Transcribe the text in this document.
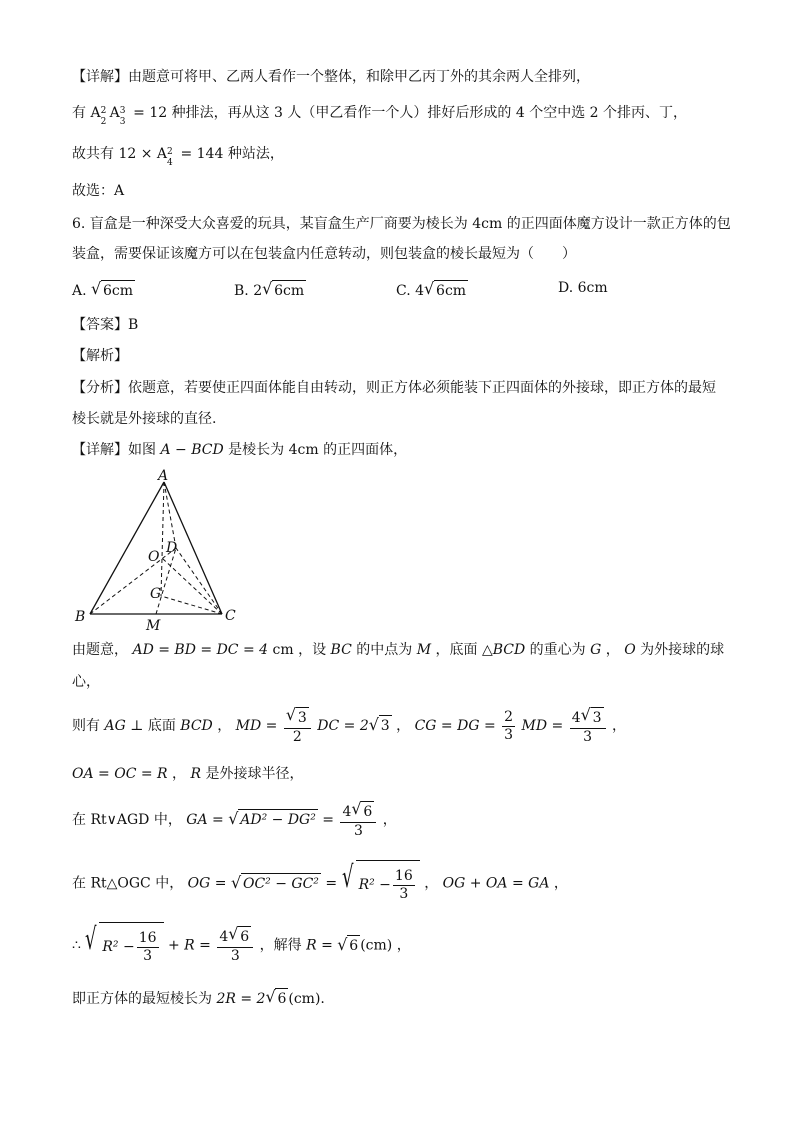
【详解】由题意可将甲、乙两人看作一个整体，和除甲乙丙丁外的其余两人全排列，
有 A 2
2
A 3
3
= 12 种排法，再从这 3 人（甲乙看作一个人）排好后形成的 4 个空中选 2 个排丙、丁，
故共有 12 × A 2
4
= 144 种站法，
故选：A
6. 盲盒是一种深受大众喜爱的玩具，某盲盒生产厂商要为棱长为 4cm 的正四面体魔方设计一款正方体的包
装盒，需要保证该魔方可以在包装盒内任意转动，则包装盒的棱长最短为（　　）
A. √ 6cm	B. 2 √ 6cm	C. 4 √ 6cm	D. 6cm
【答案】B
【解析】
【分析】依题意，若要使正四面体能自由转动，则正方体必须能装下正四面体的外接球，即正方体的最短
棱长就是外接球的直径.
【详解】如图 A − BCD 是棱长为 4cm 的正四面体，
A
B	C
D
O
G
M
由题意， AD = BD = DC = 4 cm ，设 BC 的中点为 M ，底面 △BCD 的重心为 G ， O 为外接球的球
心，
则有 AG ⊥ 底面 BCD ， MD = $\frac{√ 3}{2}$ DC = 2 √ 3 ， CG = DG = $\frac{2}{3}$ MD = $\frac{4 √ 3}{3}$ ，
OA = OC = R ， R 是外接球半径，
在 Rt∨AGD 中， GA = √ $AD^2 - DG^2 = \frac{4 √ 6}{3}$ ，
在 Rt△OGC 中， OG = √ OC² − GC² = √ $R^2 - \frac{16}{3}$ ， OG + OA = GA ，
∴ √ $R^2 - \frac{16}{3} + R = \frac{4 √ 6}{3}$ ，解得 R = √ 6 (cm) ，
即正方体的最短棱长为 2R = 2 √ 6 (cm).
